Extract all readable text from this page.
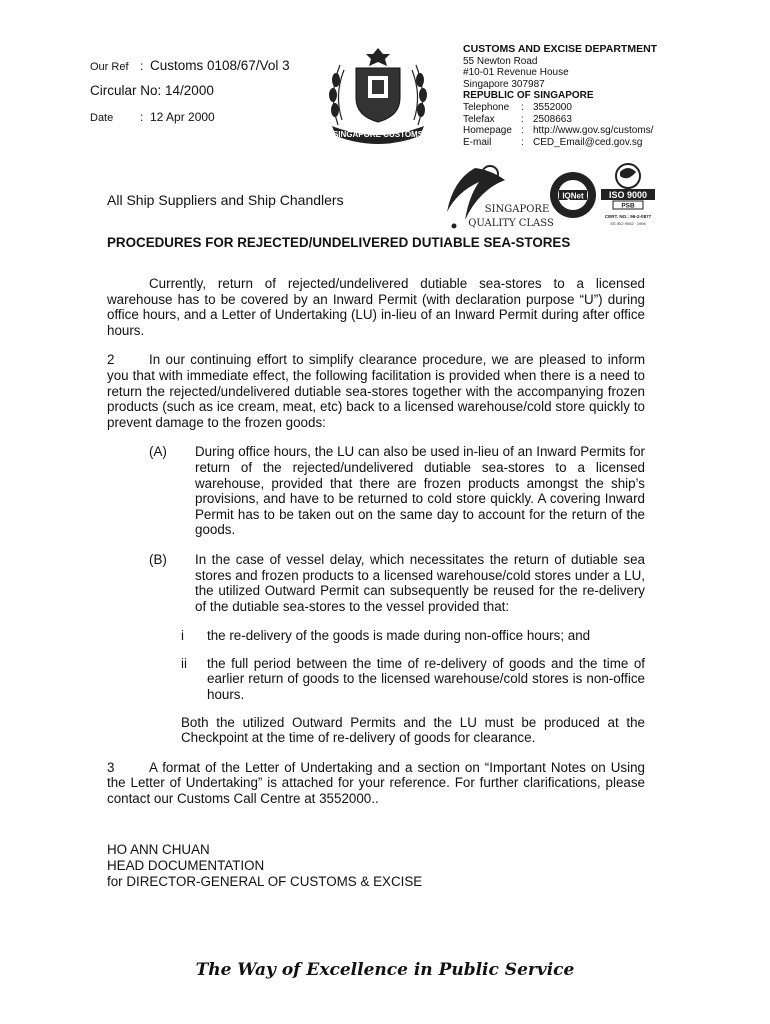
Our Ref : Customs 0108/67/Vol 3
Circular No: 14/2000
Date	: 12 Apr 2000
SINGAPORE CUSTOMS
CUSTOMS AND EXCISE DEPARTMENT
55 Newton Road
#10-01 Revenue House
Singapore 307987
REPUBLIC OF SINGAPORE
Telephone	: 3552000
Telefax	: 2508663
Homepage : http://www.gov.sg/customs/
E-mail	: CED_Email@ced.gov.sg
All Ship Suppliers and Ship Chandlers
SINGAPORE
QUALITY CLASS
IQNet	ISO 9000
PSB
CERT. NO.: 96-2-0877
SS ISO 9002 : 1994
PROCEDURES FOR REJECTED/UNDELIVERED DUTIABLE SEA-STORES

Currently, return of rejected/undelivered dutiable sea-stores to a licensed warehouse has to be covered by an Inward Permit (with declaration purpose “U”) during office hours, and a Letter of Undertaking (LU) in-lieu of an Inward Permit during after office hours.

2	In our continuing effort to simplify clearance procedure, we are pleased to inform you that with immediate effect, the following facilitation is provided when there is a need to return the rejected/undelivered dutiable sea-stores together with the accompanying frozen products (such as ice cream, meat, etc) back to a licensed warehouse/cold store quickly to prevent damage to the frozen goods:

(A)	During office hours, the LU can also be used in-lieu of an Inward Permits for return of the rejected/undelivered dutiable sea-stores to a licensed warehouse, provided that there are frozen products amongst the ship’s provisions, and have to be returned to cold store quickly. A covering Inward Permit has to be taken out on the same day to account for the return of the goods.
(B)	In the case of vessel delay, which necessitates the return of dutiable sea stores and frozen products to a licensed warehouse/cold stores under a LU, the utilized Outward Permit can subsequently be reused for the re-delivery of the dutiable sea-stores to the vessel provided that:
i	the re-delivery of the goods is made during non-office hours; and
ii	the full period between the time of re-delivery of goods and the time of earlier return of goods to the licensed warehouse/cold stores is non-office hours.

Both the utilized Outward Permits and the LU must be produced at the Checkpoint at the time of re-delivery of goods for clearance.

3	A format of the Letter of Undertaking and a section on “Important Notes on Using the Letter of Undertaking” is attached for your reference. For further clarifications, please contact our Customs Call Centre at 3552000..

HO ANN CHUAN
HEAD DOCUMENTATION
for DIRECTOR-GENERAL OF CUSTOMS & EXCISE
The Way of Excellence in Public Service
